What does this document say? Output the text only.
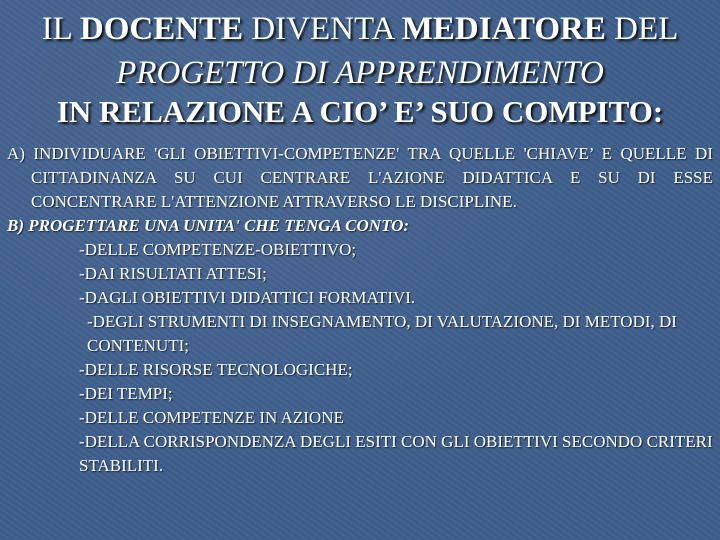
IL DOCENTE DIVENTA MEDIATORE DEL
PROGETTO DI APPRENDIMENTO
IN RELAZIONE A CIO’ E’ SUO COMPITO:

A) INDIVIDUARE 'GLI OBIETTIVI-COMPETENZE' TRA QUELLE 'CHIAVE’ E QUELLE DI CITTADINANZA SU CUI CENTRARE L'AZIONE DIDATTICA E SU DI ESSE CONCENTRARE L'ATTENZIONE ATTRAVERSO LE DISCIPLINE.

B) PROGETTARE UNA UNITA' CHE TENGA CONTO:

-DELLE COMPETENZE-OBIETTIVO;
-DAI RISULTATI ATTESI;
-DAGLI OBIETTIVI DIDATTICI FORMATIVI.
-DEGLI STRUMENTI DI INSEGNAMENTO, DI VALUTAZIONE, DI METODI, DI CONTENUTI;
-DELLE RISORSE TECNOLOGICHE;
-DEI TEMPI;
-DELLE COMPETENZE IN AZIONE
-DELLA CORRISPONDENZA DEGLI ESITI CON GLI OBIETTIVI SECONDO CRITERI STABILITI.
